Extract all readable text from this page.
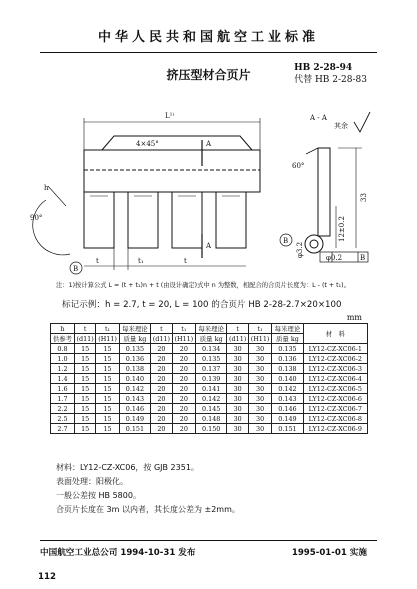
中华人民共和国航空工业标准
挤压型材合页片	HB 2-28-94
代替 HB 2-28-83
L¹⁾
4×45°	A
A
t	t₁	t
90°
h
B
B
A - A
其余
60°
φ0.2	B
33
12±0.2
φ3.2
注：1)按计算公式 L = (t + t₁)n + t (由设计确定)式中 n 为整数，相配合的合页片长度为：L - (t + t₁)。
标记示例：h = 2.7, t = 20, L = 100 的合页片 HB 2-28-2.7×20×100
mm
h	t	t₁	每米理论	t	t₁	每米理论	t	t₁	每米理论	材　料
供参考	(d11)	(H11)	质量 kg	(d11)	(H11)	质量 kg	(d11)	(H11)	质量 kg	
0.8	15	15	0.135	20	20	0.134	30	30	0.135	LY12-CZ-XC06-1
1.0	15	15	0.136	20	20	0.135	30	30	0.136	LY12-CZ-XC06-2
1.2	15	15	0.138	20	20	0.137	30	30	0.138	LY12-CZ-XC06-3
1.4	15	15	0.140	20	20	0.139	30	30	0.140	LY12-CZ-XC06-4
1.6	15	15	0.142	20	20	0.141	30	30	0.142	LY12-CZ-XC06-5
1.7	15	15	0.143	20	20	0.142	30	30	0.143	LY12-CZ-XC06-6
2.2	15	15	0.146	20	20	0.145	30	30	0.146	LY12-CZ-XC06-7
2.5	15	15	0.149	20	20	0.148	30	30	0.149	LY12-CZ-XC06-8
2.7	15	15	0.151	20	20	0.150	30	30	0.151	LY12-CZ-XC06-9
材料：LY12-CZ-XC06，按 GJB 2351。
表面处理：阳极化。
一般公差按 HB 5800。
合页片长度在 3m 以内者，其长度公差为 ±2mm。
中国航空工业总公司 1994-10-31 发布	1995-01-01 实施
112
